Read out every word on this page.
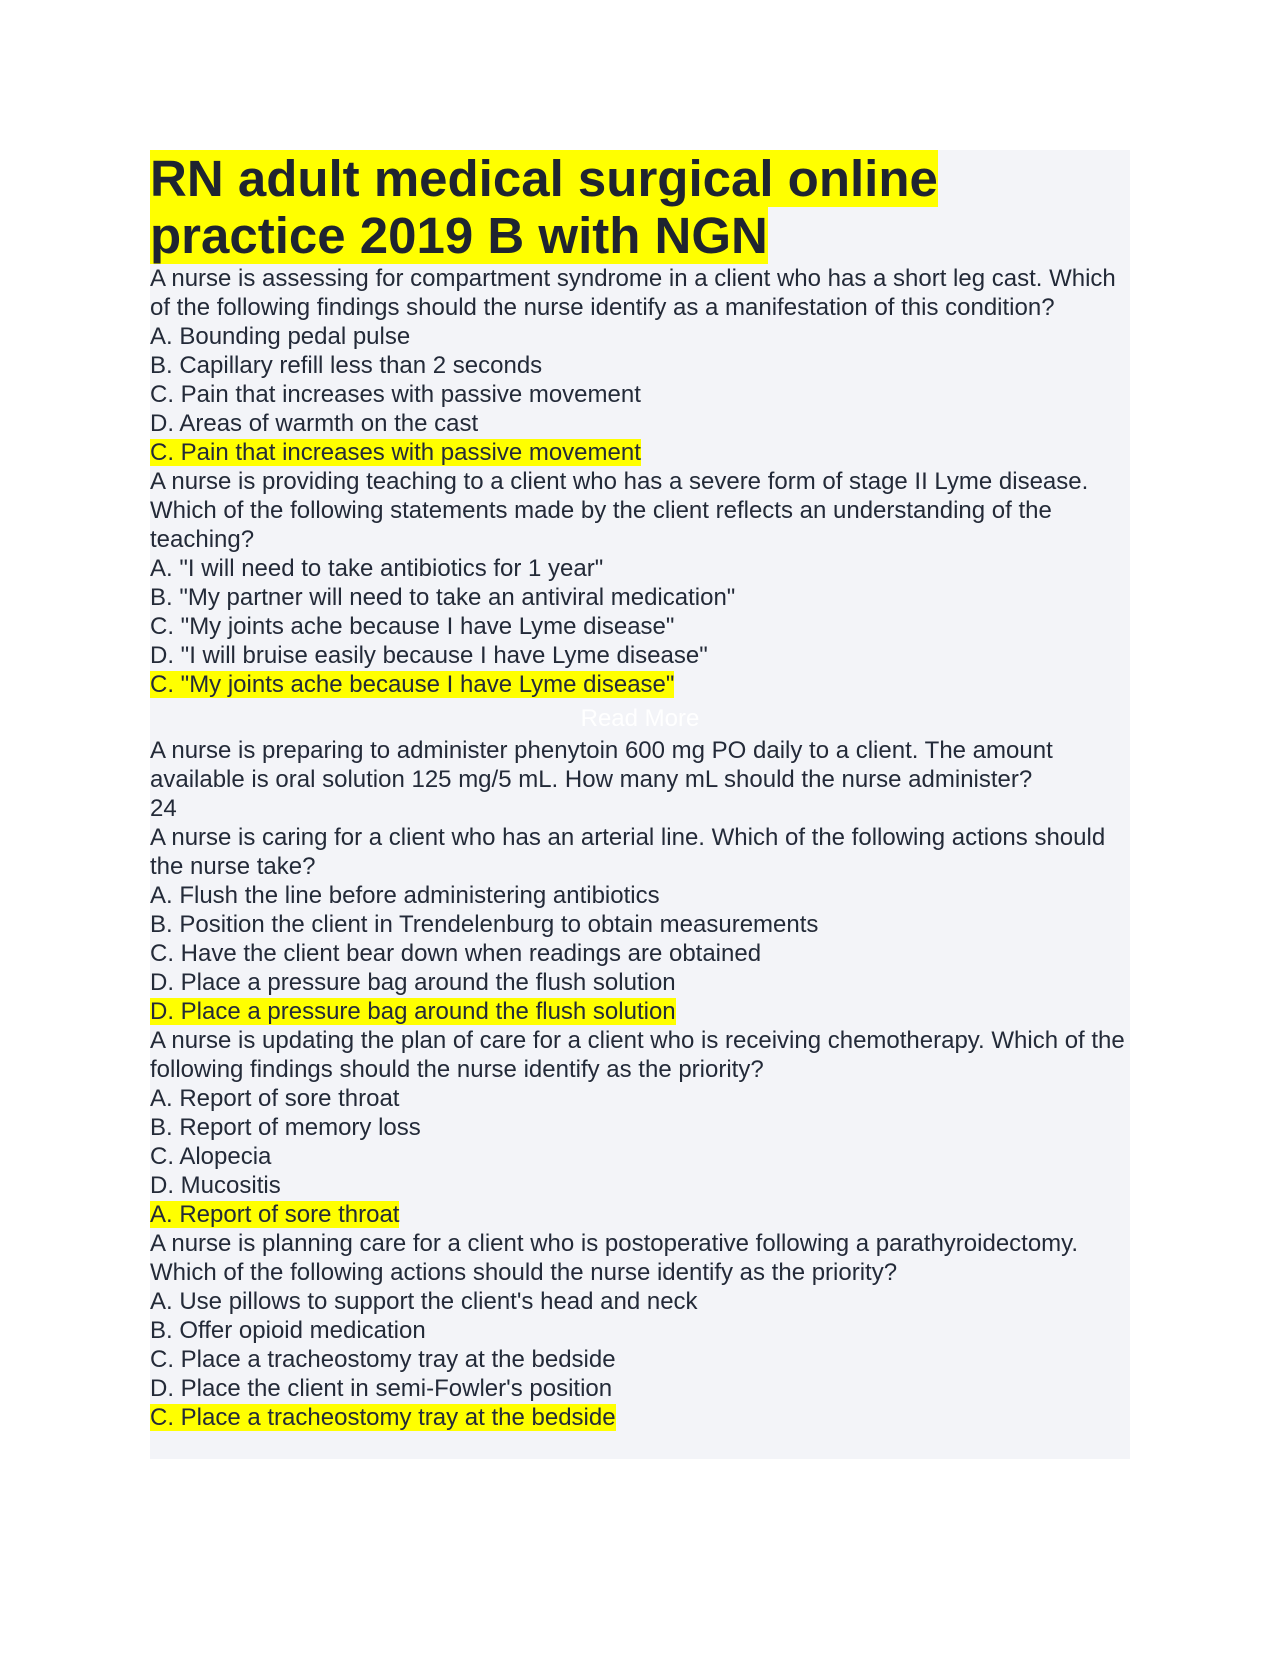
RN adult medical surgical online practice 2019 B with NGN
A nurse is assessing for compartment syndrome in a client who has a short leg cast. Which of the following findings should the nurse identify as a manifestation of this condition?
A. Bounding pedal pulse
B. Capillary refill less than 2 seconds
C. Pain that increases with passive movement
D. Areas of warmth on the cast
C. Pain that increases with passive movement
A nurse is providing teaching to a client who has a severe form of stage II Lyme disease. Which of the following statements made by the client reflects an understanding of the teaching?
A. "I will need to take antibiotics for 1 year"
B. "My partner will need to take an antiviral medication"
C. "My joints ache because I have Lyme disease"
D. "I will bruise easily because I have Lyme disease"
C. "My joints ache because I have Lyme disease"
Read More
A nurse is preparing to administer phenytoin 600 mg PO daily to a client. The amount available is oral solution 125 mg/5 mL. How many mL should the nurse administer?
24
A nurse is caring for a client who has an arterial line. Which of the following actions should the nurse take?
A. Flush the line before administering antibiotics
B. Position the client in Trendelenburg to obtain measurements
C. Have the client bear down when readings are obtained
D. Place a pressure bag around the flush solution
D. Place a pressure bag around the flush solution
A nurse is updating the plan of care for a client who is receiving chemotherapy. Which of the following findings should the nurse identify as the priority?
A. Report of sore throat
B. Report of memory loss
C. Alopecia
D. Mucositis
A. Report of sore throat
A nurse is planning care for a client who is postoperative following a parathyroidectomy. Which of the following actions should the nurse identify as the priority?
A. Use pillows to support the client's head and neck
B. Offer opioid medication
C. Place a tracheostomy tray at the bedside
D. Place the client in semi-Fowler's position
C. Place a tracheostomy tray at the bedside
